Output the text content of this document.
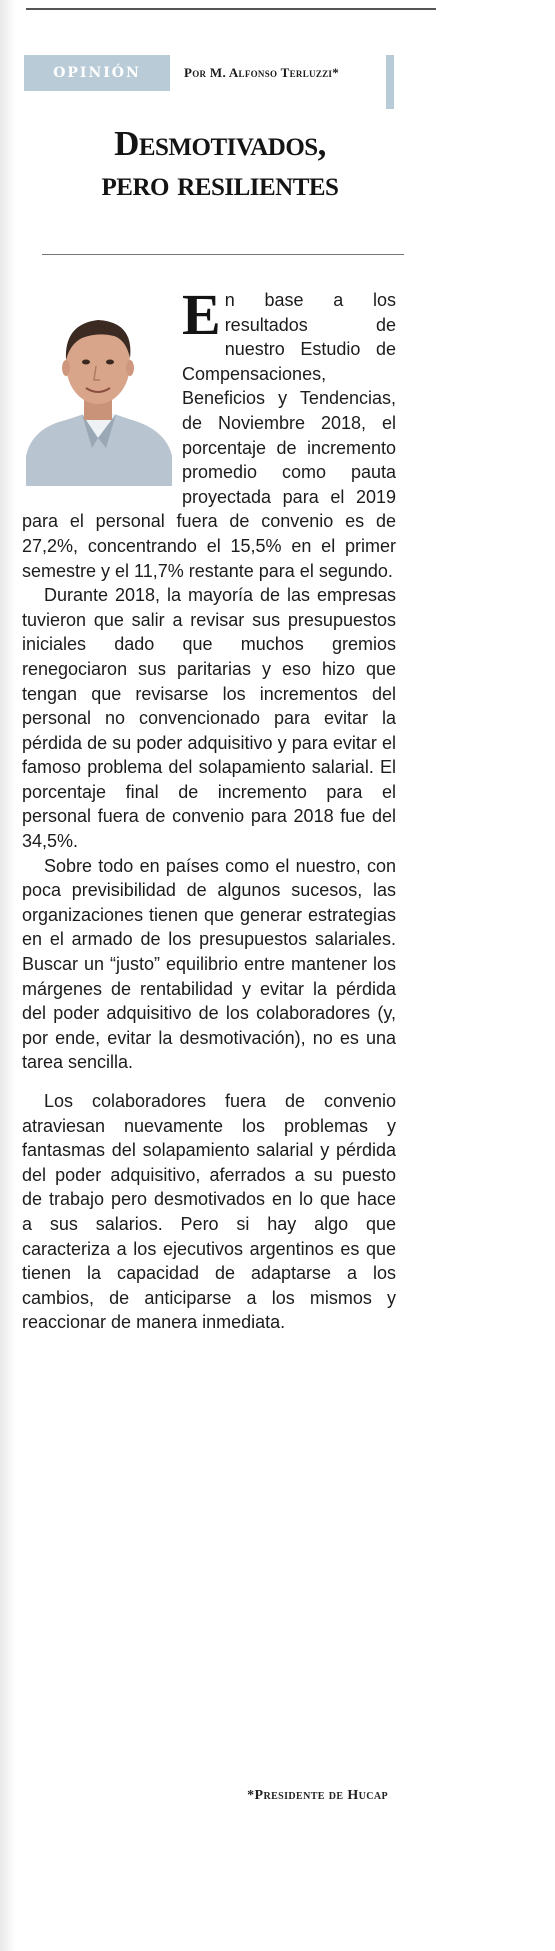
OPINIÓN	Por M. Alfonso Terluzzi*
Desmotivados,
pero resilientes
E n base a los resultados de nuestro Estudio de Compensaciones, Beneficios y Tendencias, de Noviembre 2018, el porcentaje de incremento promedio como pauta proyectada para el 2019 para el personal fuera de convenio es de 27,2%, concentrando el 15,5% en el primer semestre y el 11,7% restante para el segundo.

Durante 2018, la mayoría de las empresas tuvieron que salir a revisar sus presupuestos iniciales dado que muchos gremios renegociaron sus paritarias y eso hizo que tengan que revisarse los incrementos del personal no convencionado para evitar la pérdida de su poder adquisitivo y para evitar el famoso problema del solapamiento salarial. El porcentaje final de incremento para el personal fuera de convenio para 2018 fue del 34,5%.

Sobre todo en países como el nuestro, con poca previsibilidad de algunos sucesos, las organizaciones tienen que generar estrategias en el armado de los presupuestos salariales. Buscar un “justo” equilibrio entre mantener los márgenes de rentabilidad y evitar la pérdida del poder adquisitivo de los colaboradores (y, por ende, evitar la desmotivación), no es una tarea sencilla.

Los colaboradores fuera de convenio atraviesan nuevamente los problemas y fantasmas del solapamiento salarial y pérdida del poder adquisitivo, aferrados a su puesto de trabajo pero desmotivados en lo que hace a sus salarios. Pero si hay algo que caracteriza a los ejecutivos argentinos es que tienen la capacidad de adaptarse a los cambios, de anticiparse a los mismos y reaccionar de manera inmediata.

*Presidente de Hucap
